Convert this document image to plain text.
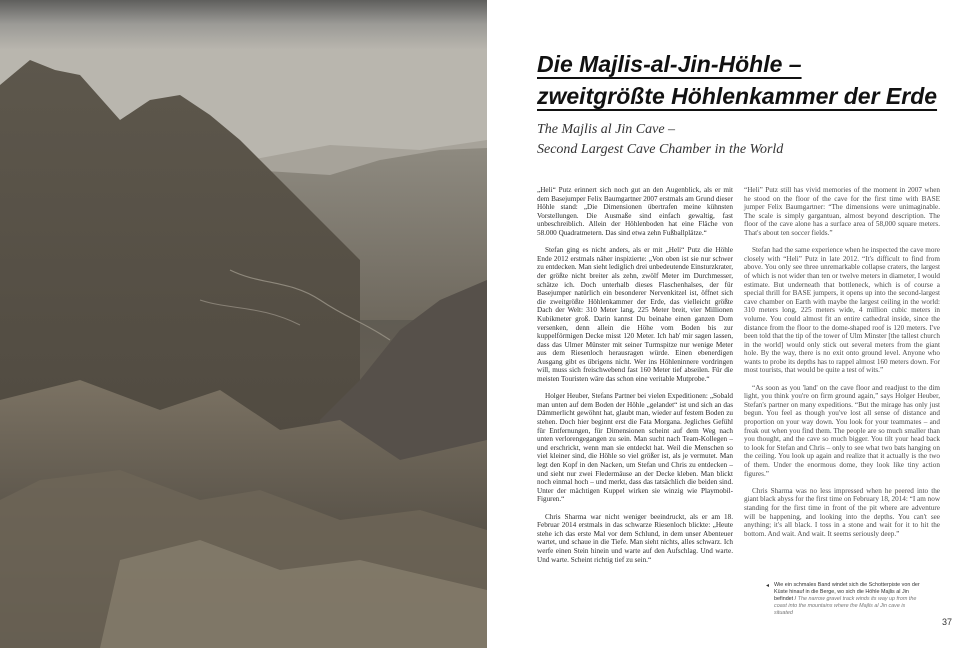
Die Majlis-al-Jin-Höhle –
zweitgrößte Höhlenkammer der Erde
The Majlis al Jin Cave –
Second Largest Cave Chamber in the World

„Heli“ Putz erinnert sich noch gut an den Augenblick, als er mit dem Basejumper Felix Baumgartner 2007 erstmals am Grund dieser Höhle stand: „Die Dimensionen übertrafen meine kühnsten Vorstellungen. Die Ausmaße sind einfach gewaltig, fast unbeschreiblich. Allein der Höhlenboden hat eine Fläche von 58.000 Quadratmetern. Das sind etwa zehn Fußballplätze.“

Stefan ging es nicht anders, als er mit „Heli“ Putz die Höhle Ende 2012 erstmals näher inspizierte: „Von oben ist sie nur schwer zu entdecken. Man sieht lediglich drei unbedeutende Einsturzkrater, der größte nicht breiter als zehn, zwölf Meter im Durchmesser, schätze ich. Doch unterhalb dieses Flaschenhalses, der für Basejumper natürlich ein besonderer Nervenkitzel ist, öffnet sich die zweitgrößte Höhlenkammer der Erde, das vielleicht größte Dach der Welt: 310 Meter lang, 225 Meter breit, vier Millionen Kubikmeter groß. Darin kannst Du beinahe einen ganzen Dom versenken, denn allein die Höhe vom Boden bis zur kuppelförmigen Decke misst 120 Meter. Ich hab' mir sagen lassen, dass das Ulmer Münster mit seiner Turmspitze nur wenige Meter aus dem Riesenloch herausragen würde. Einen ebenerdigen Ausgang gibt es übrigens nicht. Wer ins Höhleninnere vordringen will, muss sich freischwebend fast 160 Meter tief abseilen. Für die meisten Touristen wäre das schon eine veritable Mutprobe.“

Holger Heuber, Stefans Partner bei vielen Expeditionen: „Sobald man unten auf dem Boden der Höhle „gelandet“ ist und sich an das Dämmerlicht gewöhnt hat, glaubt man, wieder auf festem Boden zu stehen. Doch hier beginnt erst die Fata Morgana. Jegliches Gefühl für Entfernungen, für Dimensionen scheint auf dem Weg nach unten verlorengegangen zu sein. Man sucht nach Team-Kollegen – und erschrickt, wenn man sie entdeckt hat. Weil die Menschen so viel kleiner sind, die Höhle so viel größer ist, als je vermutet. Man legt den Kopf in den Nacken, um Stefan und Chris zu entdecken – und sieht nur zwei Fledermäuse an der Decke kleben. Man blickt noch einmal hoch – und merkt, dass das tatsächlich die beiden sind. Unter der mächtigen Kuppel wirken sie winzig wie Playmobil-Figuren.“

Chris Sharma war nicht weniger beeindruckt, als er am 18. Februar 2014 erstmals in das schwarze Riesenloch blickte: „Heute stehe ich das erste Mal vor dem Schlund, in dem unser Abenteuer wartet, und schaue in die Tiefe. Man sieht nichts, alles schwarz. Ich werfe einen Stein hinein und warte auf den Aufschlag. Und warte. Und warte. Scheint richtig tief zu sein.“

“Heli” Putz still has vivid memories of the moment in 2007 when he stood on the floor of the cave for the first time with BASE jumper Felix Baumgartner: “The dimensions were unimaginable. The scale is simply gargantuan, almost beyond description. The floor of the cave alone has a surface area of 58,000 square meters. That's about ten soccer fields.”

Stefan had the same experience when he inspected the cave more closely with “Heli” Putz in late 2012. “It's difficult to find from above. You only see three unremarkable collapse craters, the largest of which is not wider than ten or twelve meters in diameter, I would estimate. But underneath that bottleneck, which is of course a special thrill for BASE jumpers, it opens up into the second-largest cave chamber on Earth with maybe the largest ceiling in the world: 310 meters long, 225 meters wide, 4 million cubic meters in volume. You could almost fit an entire cathedral inside, since the distance from the floor to the dome-shaped roof is 120 meters. I've been told that the tip of the tower of Ulm Minster [the tallest church in the world] would only stick out several meters from the giant hole. By the way, there is no exit onto ground level. Anyone who wants to probe its depths has to rappel almost 160 meters down. For most tourists, that would be quite a test of wits.”

“As soon as you 'land' on the cave floor and readjust to the dim light, you think you're on firm ground again,” says Holger Heuber, Stefan's partner on many expeditions. “But the mirage has only just begun. You feel as though you've lost all sense of distance and proportion on your way down. You look for your teammates – and freak out when you find them. The people are so much smaller than you thought, and the cave so much bigger. You tilt your head back to look for Stefan and Chris – only to see what two bats hanging on the ceiling. You look up again and realize that it actually is the two of them. Under the enormous dome, they look like tiny action figures.”

Chris Sharma was no less impressed when he peered into the giant black abyss for the first time on February 18, 2014: “I am now standing for the first time in front of the pit where are adventure will be happening, and looking into the depths. You can't see anything; it's all black. I toss in a stone and wait for it to hit the bottom. And wait. And wait. It seems seriously deep.”

◂ Wie ein schmales Band windet sich die Schotterpiste von der Küste hinauf in die Berge, wo sich die Höhle Majlis al Jin befindet / The narrow gravel track winds its way up from the coast into the mountains where the Majlis al Jin cave is situated
37
